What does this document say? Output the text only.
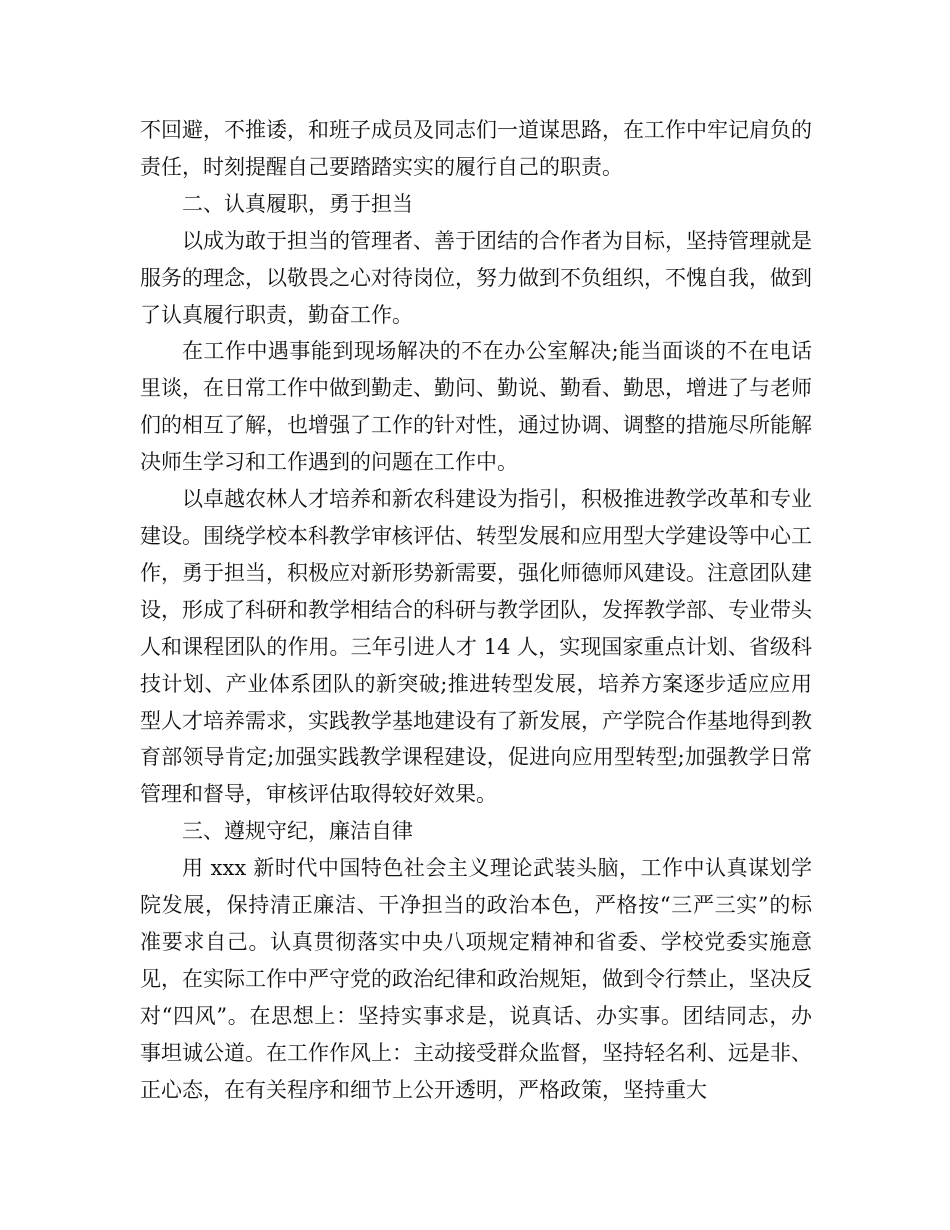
不回避，不推诿，和班子成员及同志们一道谋思路，在工作中牢记肩负的责任，时刻提醒自己要踏踏实实的履行自己的职责。

二、认真履职，勇于担当

以成为敢于担当的管理者、善于团结的合作者为目标，坚持管理就是服务的理念，以敬畏之心对待岗位，努力做到不负组织，不愧自我，做到了认真履行职责，勤奋工作。

在工作中遇事能到现场解决的不在办公室解决;能当面谈的不在电话里谈，在日常工作中做到勤走、勤问、勤说、勤看、勤思，增进了与老师们的相互了解，也增强了工作的针对性，通过协调、调整的措施尽所能解决师生学习和工作遇到的问题在工作中。

以卓越农林人才培养和新农科建设为指引，积极推进教学改革和专业建设。围绕学校本科教学审核评估、转型发展和应用型大学建设等中心工作，勇于担当，积极应对新形势新需要，强化师德师风建设。注意团队建设，形成了科研和教学相结合的科研与教学团队，发挥教学部、专业带头人和课程团队的作用。三年引进人才 14 人，实现国家重点计划、省级科技计划、产业体系团队的新突破;推进转型发展，培养方案逐步适应应用型人才培养需求，实践教学基地建设有了新发展，产学院合作基地得到教育部领导肯定;加强实践教学课程建设，促进向应用型转型;加强教学日常管理和督导，审核评估取得较好效果。

三、遵规守纪，廉洁自律

用 xxx 新时代中国特色社会主义理论武装头脑，工作中认真谋划学院发展，保持清正廉洁、干净担当的政治本色，严格按“三严三实”的标准要求自己。认真贯彻落实中央八项规定精神和省委、学校党委实施意见，在实际工作中严守党的政治纪律和政治规矩，做到令行禁止，坚决反对“四风”。在思想上：坚持实事求是，说真话、办实事。团结同志，办事坦诚公道。在工作作风上：主动接受群众监督，坚持轻名利、远是非、正心态，在有关程序和细节上公开透明，严格政策，坚持重大
